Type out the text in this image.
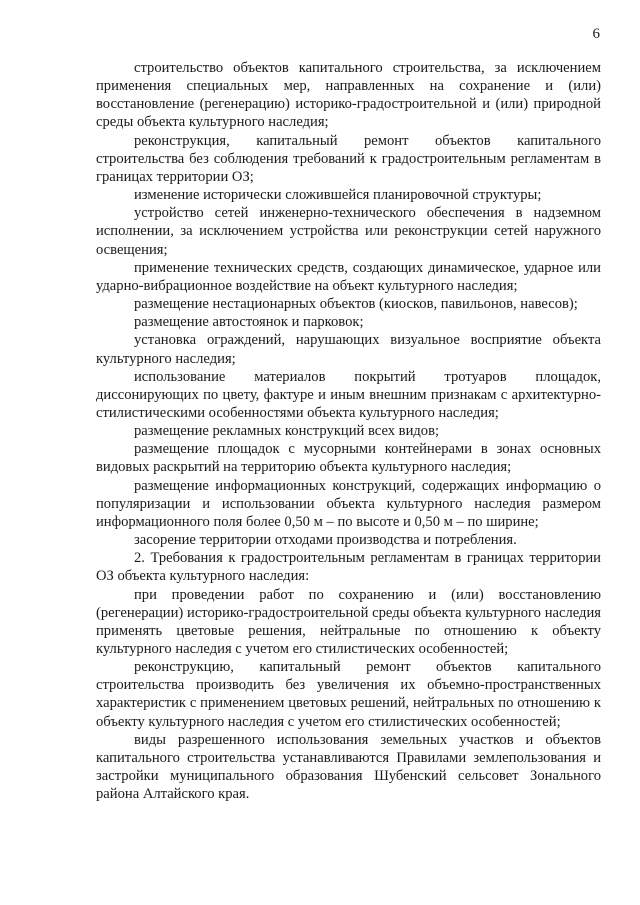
6

строительство объектов капитального строительства, за исключением применения специальных мер, направленных на сохранение и (или) восстановление (регенерацию) историко-градостроительной и (или) природной среды объекта культурного наследия;

реконструкция, капитальный ремонт объектов капитального строительства без соблюдения требований к градостроительным регламентам в границах территории ОЗ;

изменение исторически сложившейся планировочной структуры;

устройство сетей инженерно-технического обеспечения в надземном исполнении, за исключением устройства или реконструкции сетей наружного освещения;

применение технических средств, создающих динамическое, ударное или ударно-вибрационное воздействие на объект культурного наследия;

размещение нестационарных объектов (киосков, павильонов, навесов);

размещение автостоянок и парковок;

установка ограждений, нарушающих визуальное восприятие объекта культурного наследия;

использование материалов покрытий тротуаров площадок, диссонирующих по цвету, фактуре и иным внешним признакам с архитектурно-стилистическими особенностями объекта культурного наследия;

размещение рекламных конструкций всех видов;

размещение площадок с мусорными контейнерами в зонах основных видовых раскрытий на территорию объекта культурного наследия;

размещение информационных конструкций, содержащих информацию о популяризации и использовании объекта культурного наследия размером информационного поля более 0,50 м – по высоте и 0,50 м – по ширине;

засорение территории отходами производства и потребления.

2. Требования к градостроительным регламентам в границах территории ОЗ объекта культурного наследия:

при проведении работ по сохранению и (или) восстановлению (регенерации) историко-градостроительной среды объекта культурного наследия применять цветовые решения, нейтральные по отношению к объекту культурного наследия с учетом его стилистических особенностей;

реконструкцию, капитальный ремонт объектов капитального строительства производить без увеличения их объемно-пространственных характеристик с применением цветовых решений, нейтральных по отношению к объекту культурного наследия с учетом его стилистических особенностей;

виды разрешенного использования земельных участков и объектов капитального строительства устанавливаются Правилами землепользования и застройки муниципального образования Шубенский сельсовет Зонального района Алтайского края.
